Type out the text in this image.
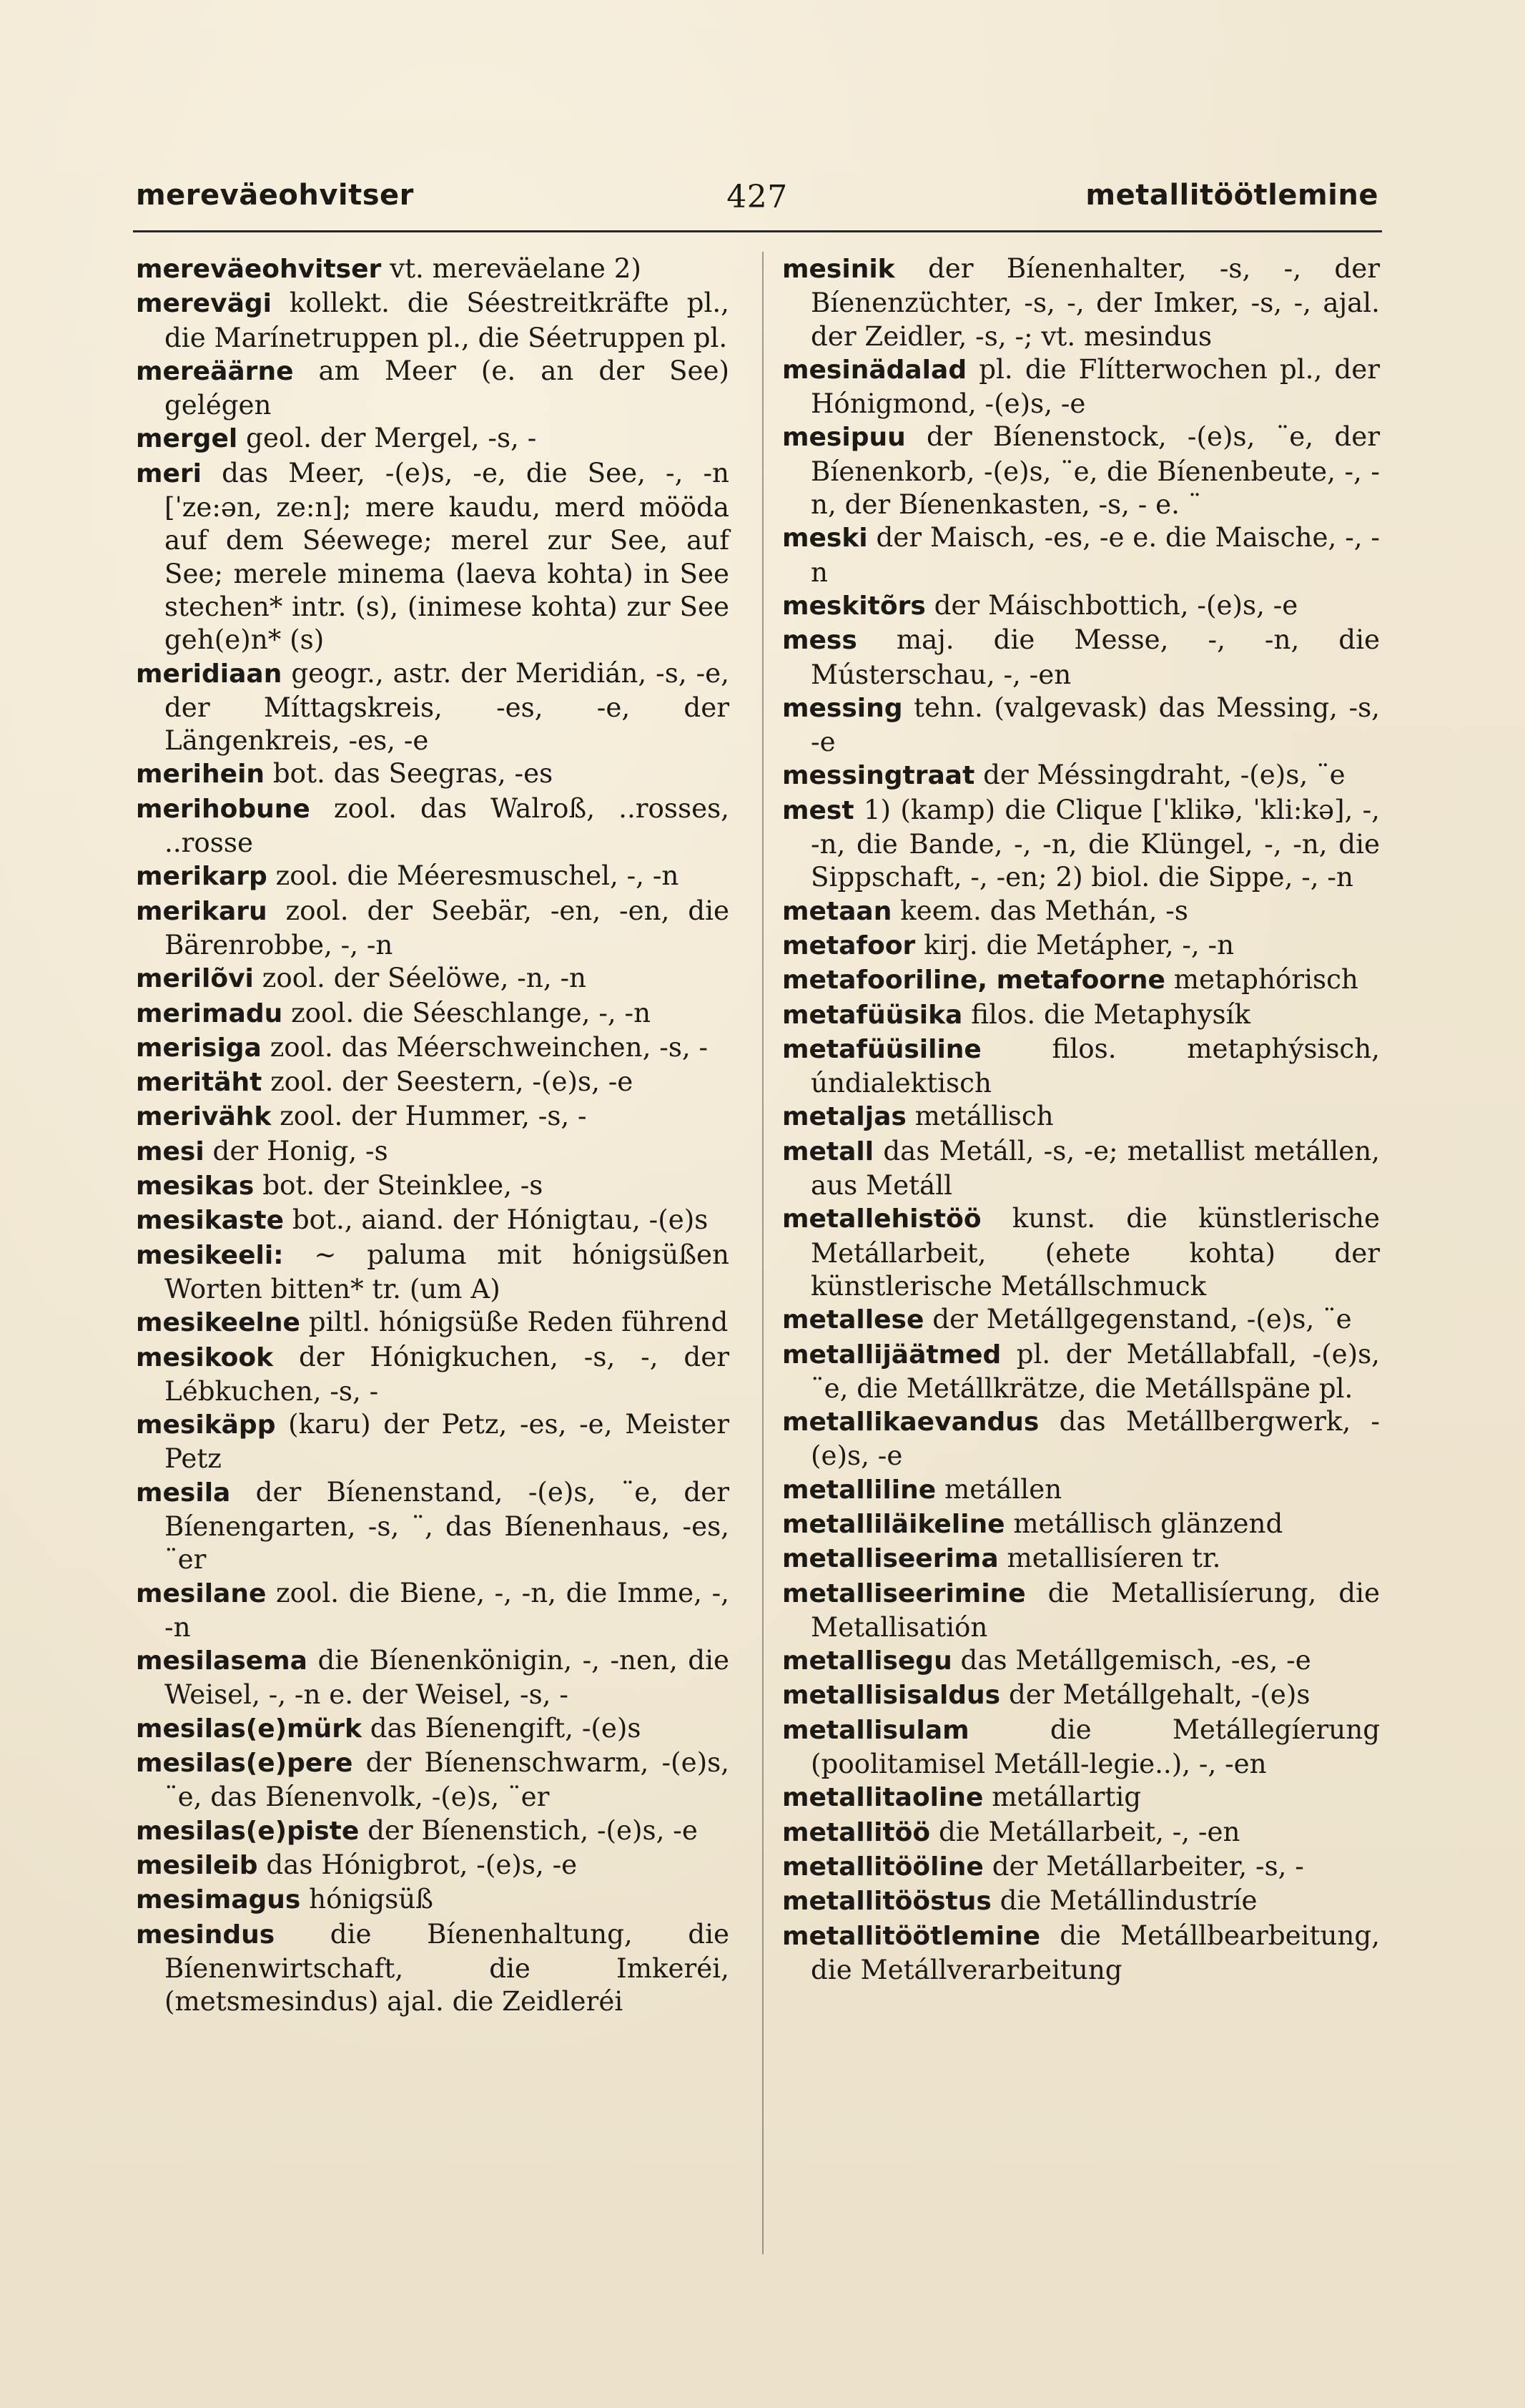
mereväeohvitser	427	metallitöötlemine
mereväeohvitser vt. mereväelane 2)
merevägi kollekt. die Séestreitkräfte pl., die Marínetruppen pl., die Séetruppen pl.
mereäärne am Meer (e. an der See) gelégen
mergel geol. der Mergel, -s, -
meri das Meer, -(e)s, -e, die See, -, -n [ˈze:ən, ze:n]; mere kaudu, merd mööda auf dem Séewege; merel zur See, auf See; merele minema (laeva kohta) in See stechen* intr. (s), (inimese kohta) zur See geh(e)n* (s)
meridiaan geogr., astr. der Meridián, -s, -e, der Míttagskreis, -es, -e, der Längenkreis, -es, -e
merihein bot. das Seegras, -es
merihobune zool. das Walroß, ..rosses, ..rosse
merikarp zool. die Méeresmuschel, -, -n
merikaru zool. der Seebär, -en, -en, die Bärenrobbe, -, -n
merilõvi zool. der Séelöwe, -n, -n
merimadu zool. die Séeschlange, -, -n
merisiga zool. das Méerschweinchen, -s, -
meritäht zool. der Seestern, -(e)s, -e
merivähk zool. der Hummer, -s, -
mesi der Honig, -s
mesikas bot. der Steinklee, -s
mesikaste bot., aiand. der Hónigtau, -(e)s
mesikeeli: ~ paluma mit hónigsüßen Worten bitten* tr. (um A)
mesikeelne piltl. hónigsüße Reden führend
mesikook der Hónigkuchen, -s, -, der Lébkuchen, -s, -
mesikäpp (karu) der Petz, -es, -e, Meister Petz
mesila der Bíenenstand, -(e)s, ¨e, der Bíenengarten, -s, ¨, das Bíenenhaus, -es, ¨er
mesilane zool. die Biene, -, -n, die Imme, -, -n
mesilasema die Bíenenkönigin, -, -nen, die Weisel, -, -n e. der Weisel, -s, -
mesilas(e)mürk das Bíenengift, -(e)s
mesilas(e)pere der Bíenenschwarm, -(e)s, ¨e, das Bíenenvolk, -(e)s, ¨er
mesilas(e)piste der Bíenenstich, -(e)s, -e
mesileib das Hónigbrot, -(e)s, -e
mesimagus hónigsüß
mesindus die Bíenenhaltung, die Bíenenwirtschaft, die Imkeréi, (metsmesindus) ajal. die Zeidleréi
mesinik der Bíenenhalter, -s, -, der Bíenenzüchter, -s, -, der Imker, -s, -, ajal. der Zeidler, -s, -; vt. mesindus
mesinädalad pl. die Flítterwochen pl., der Hónigmond, -(e)s, -e
mesipuu der Bíenenstock, -(e)s, ¨e, der Bíenenkorb, -(e)s, ¨e, die Bíenenbeute, -, -n, der Bíenenkasten, -s, - e. ¨
meski der Maisch, -es, -e e. die Maische, -, -n
meskitõrs der Máischbottich, -(e)s, -e
mess maj. die Messe, -, -n, die Músterschau, -, -en
messing tehn. (valgevask) das Messing, -s, -e
messingtraat der Méssingdraht, -(e)s, ¨e
mest 1) (kamp) die Clique [ˈklikə, ˈkli:kə], -, -n, die Bande, -, -n, die Klüngel, -, -n, die Sippschaft, -, -en; 2) biol. die Sippe, -, -n
metaan keem. das Methán, -s
metafoor kirj. die Metápher, -, -n
metafooriline, metafoorne metaphórisch
metafüüsika filos. die Metaphysík
metafüüsiline	filos. metaphýsisch, úndialektisch
metaljas metállisch
metall das Metáll, -s, -e; metallist metállen, aus Metáll
metallehistöö kunst. die künstlerische Metállarbeit, (ehete kohta) der künstlerische Metállschmuck
metallese der Metállgegenstand, -(e)s, ¨e
metallijäätmed pl. der Metállabfall, -(e)s, ¨e, die Metállkrätze, die Metállspäne pl.
metallikaevandus das Metállbergwerk, -(e)s, -e
metalliline metállen
metalliläikeline metállisch glänzend
metalliseerima metallisíeren tr.
metalliseerimine die Metallisíerung, die Metallisatión
metallisegu das Metállgemisch, -es, -e
metallisisaldus der Metállgehalt, -(e)s
metallisulam	die Metállegíerung (poolitamisel Metáll-legie..), -, -en
metallitaoline metállartig
metallitöö die Metállarbeit, -, -en
metallitööline der Metállarbeiter, -s, -
metallitööstus die Metállindustríe
metallitöötlemine die Metállbearbeitung, die Metállverarbeitung
